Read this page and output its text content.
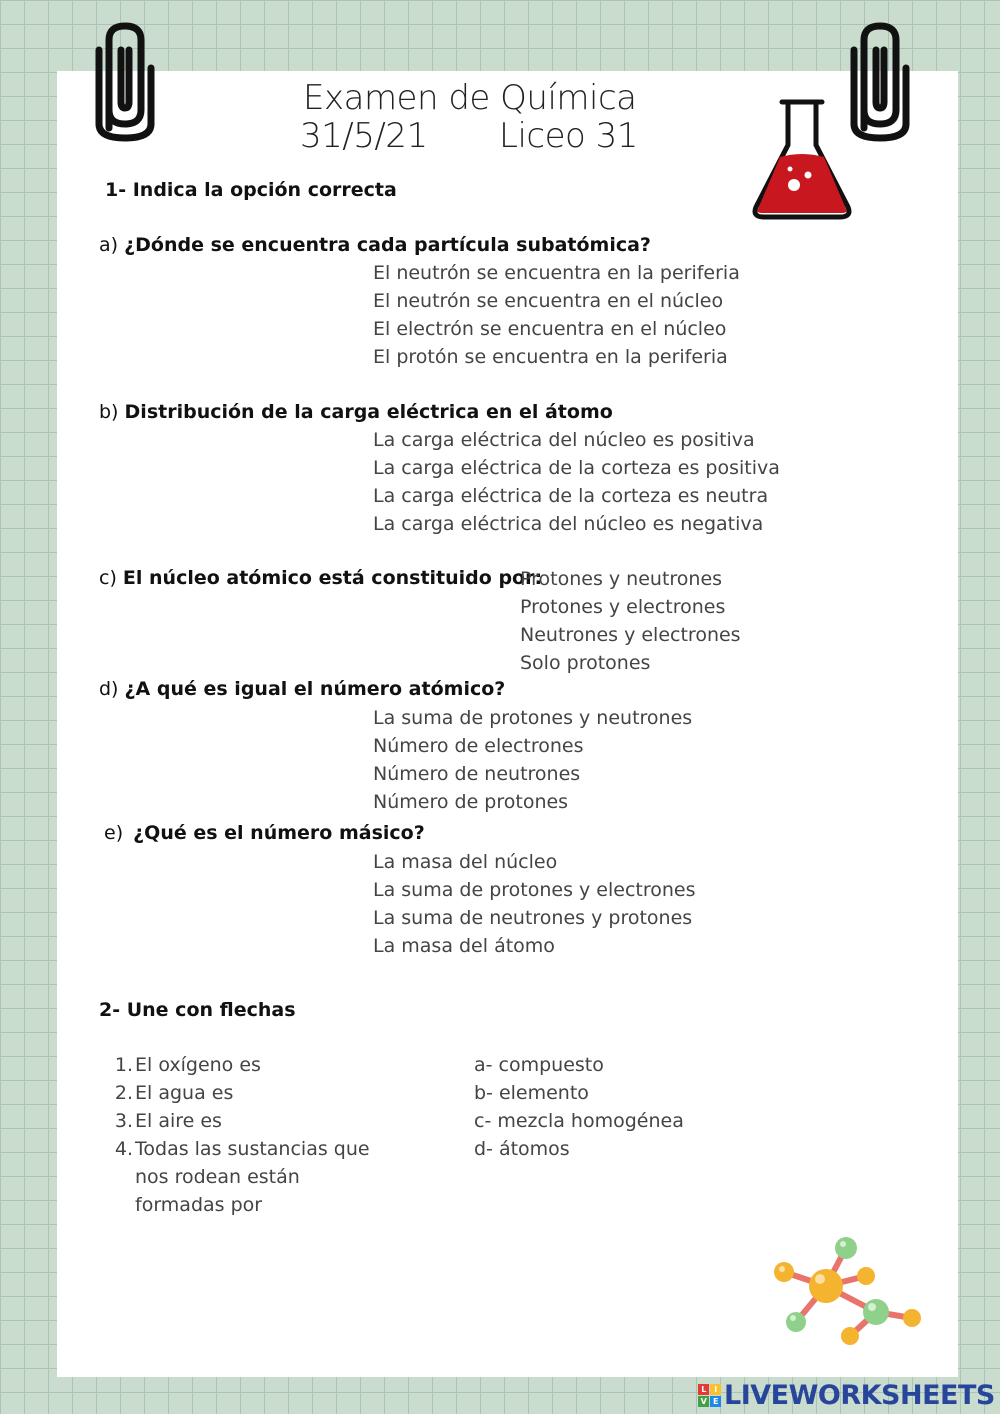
Examen de Química
31/5/21 Liceo 31
1- Indica la opción correcta
a) ¿Dónde se encuentra cada partícula subatómica?
El neutrón se encuentra en la periferia
El neutrón se encuentra en el núcleo
El electrón se encuentra en el núcleo
El protón se encuentra en la periferia
b) Distribución de la carga eléctrica en el átomo
La carga eléctrica del núcleo es positiva
La carga eléctrica de la corteza es positiva
La carga eléctrica de la corteza es neutra
La carga eléctrica del núcleo es negativa
c) El núcleo atómico está constituido por:
Protones y neutrones
Protones y electrones
Neutrones y electrones
Solo protones
d) ¿A qué es igual el número atómico?
La suma de protones y neutrones
Número de electrones
Número de neutrones
Número de protones
e) ¿Qué es el número másico?
La masa del núcleo
La suma de protones y electrones
La suma de neutrones y protones
La masa del átomo
2- Une con flechas
1. El oxígeno es
2. El agua es
3. El aire es
4. Todas las sustancias que
nos rodean están
formadas por
a- compuesto
b- elemento
c- mezcla homogénea
d- átomos
L	I
V E LIVEWORKSHEETS
